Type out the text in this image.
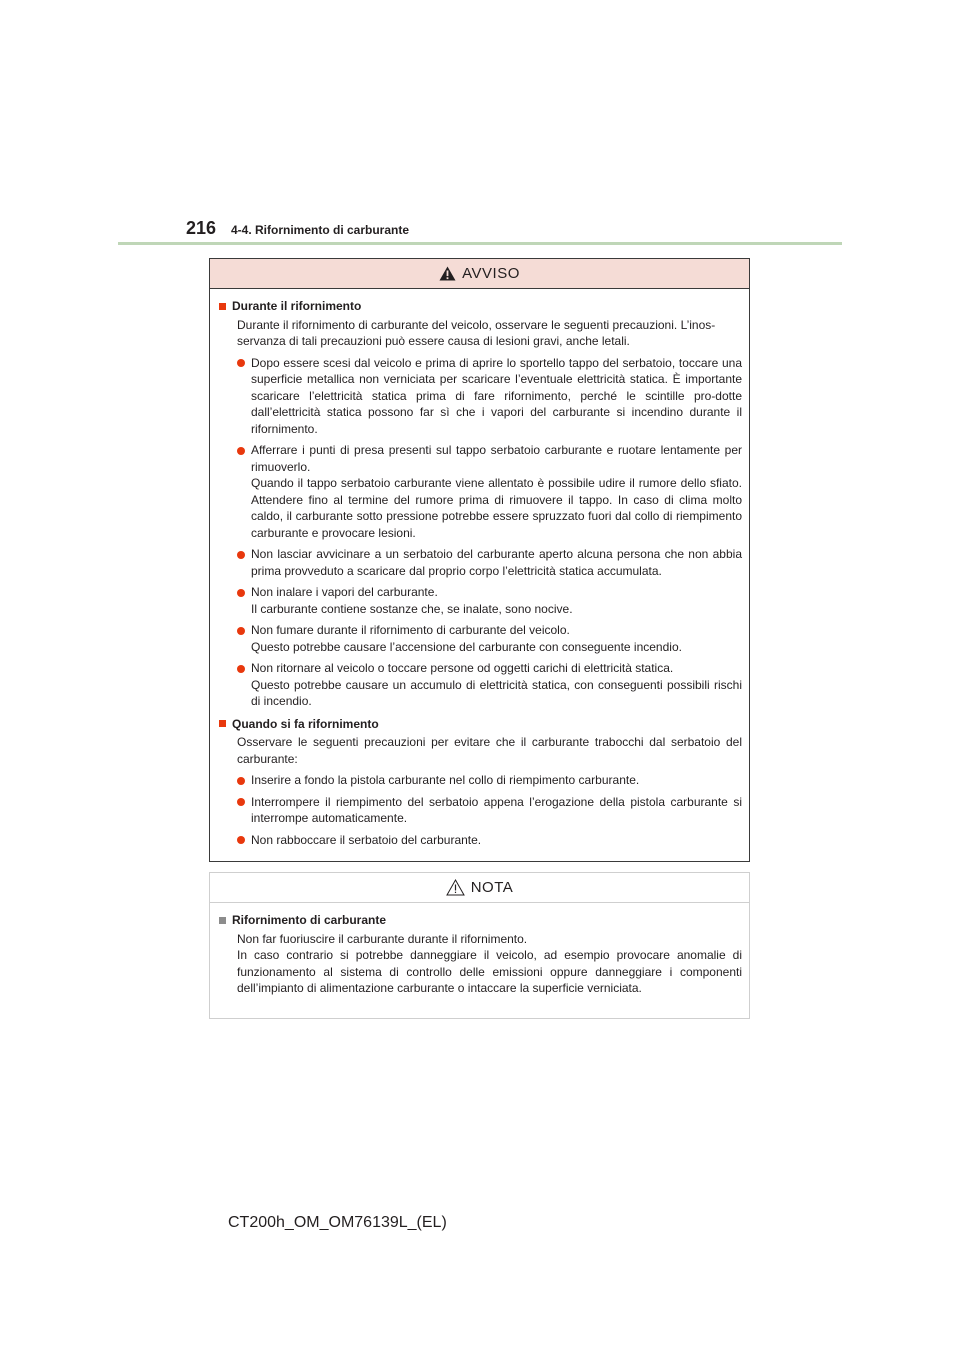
216 4-4. Rifornimento di carburante
AVVISO
Durante il rifornimento
Durante il rifornimento di carburante del veicolo, osservare le seguenti precauzioni. L’inos-
servanza di tali precauzioni può essere causa di lesioni gravi, anche letali.
Dopo essere scesi dal veicolo e prima di aprire lo sportello tappo del serbatoio, toccare una superficie metallica non verniciata per scaricare l’eventuale elettricità statica. È importante scaricare l’elettricità statica prima di fare rifornimento, perché le scintille pro-dotte dall’elettricità statica possono far sì che i vapori del carburante si incendino durante il rifornimento.
Afferrare i punti di presa presenti sul tappo serbatoio carburante e ruotare lentamente per rimuoverlo.
Quando il tappo serbatoio carburante viene allentato è possibile udire il rumore dello sfiato. Attendere fino al termine del rumore prima di rimuovere il tappo. In caso di clima molto caldo, il carburante sotto pressione potrebbe essere spruzzato fuori dal collo di riempimento carburante e provocare lesioni.
Non lasciar avvicinare a un serbatoio del carburante aperto alcuna persona che non abbia prima provveduto a scaricare dal proprio corpo l’elettricità statica accumulata.
Non inalare i vapori del carburante.
Il carburante contiene sostanze che, se inalate, sono nocive.
Non fumare durante il rifornimento di carburante del veicolo.
Questo potrebbe causare l’accensione del carburante con conseguente incendio.
Non ritornare al veicolo o toccare persone od oggetti carichi di elettricità statica.
Questo potrebbe causare un accumulo di elettricità statica, con conseguenti possibili rischi di incendio.
Quando si fa rifornimento
Osservare le seguenti precauzioni per evitare che il carburante trabocchi dal serbatoio del carburante:
Inserire a fondo la pistola carburante nel collo di riempimento carburante.
Interrompere il riempimento del serbatoio appena l’erogazione della pistola carburante si interrompe automaticamente.
Non rabboccare il serbatoio del carburante.
NOTA
Rifornimento di carburante
Non far fuoriuscire il carburante durante il rifornimento.
In caso contrario si potrebbe danneggiare il veicolo, ad esempio provocare anomalie di funzionamento al sistema di controllo delle emissioni oppure danneggiare i componenti dell’impianto di alimentazione carburante o intaccare la superficie verniciata.
CT200h_OM_OM76139L_(EL)
